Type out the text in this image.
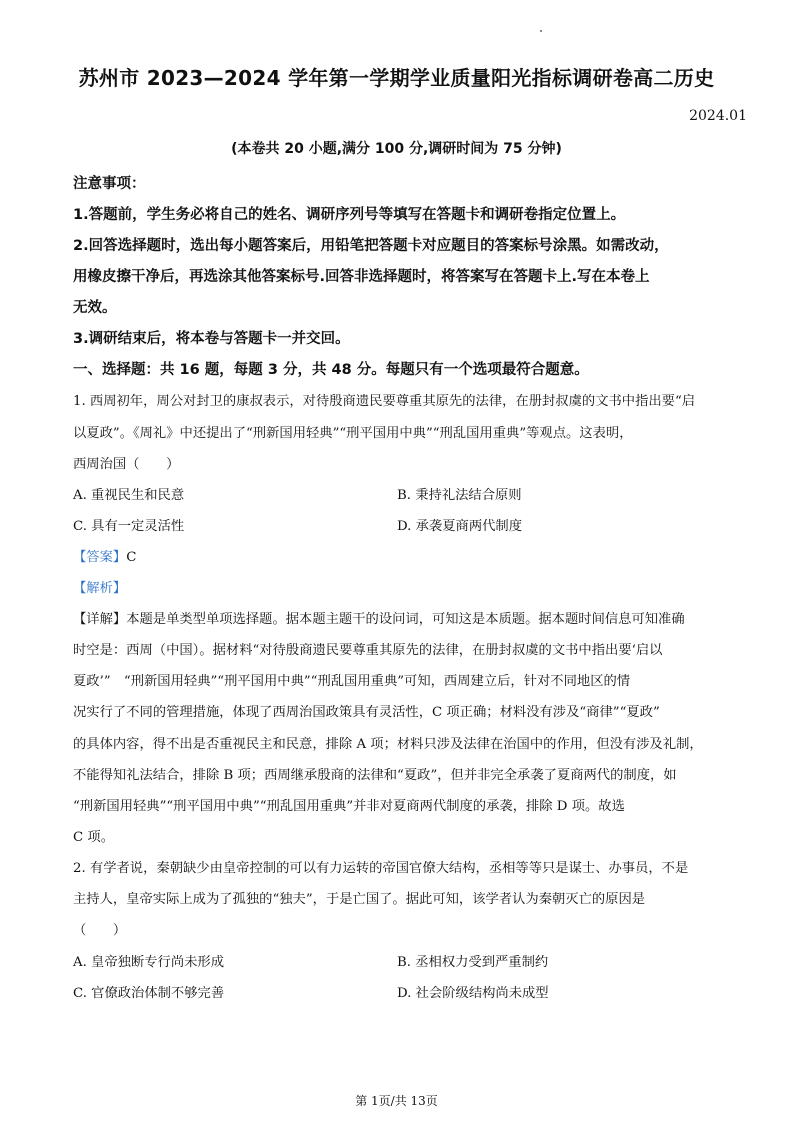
苏州市 2023—2024 学年第一学期学业质量阳光指标调研卷高二历史
2024.01
(本卷共 20 小题,满分 100 分,调研时间为 75 分钟)
注意事项：
1.答题前，学生务必将自己的姓名、调研序列号等填写在答题卡和调研卷指定位置上。
2.回答选择题时，选出每小题答案后，用铅笔把答题卡对应题目的答案标号涂黑。如需改动，
用橡皮擦干净后，再选涂其他答案标号.回答非选择题时，将答案写在答题卡上.写在本卷上
无效。
3.调研结束后，将本卷与答题卡一并交回。
一、选择题：共 16 题，每题 3 分，共 48 分。每题只有一个选项最符合题意。
1. 西周初年，周公对封卫的康叔表示，对待殷商遗民要尊重其原先的法律，在册封叔虞的文书中指出要“启
以夏政”。《周礼》中还提出了“刑新国用轻典”“刑平国用中典”“刑乱国用重典”等观点。这表明，
西周治国（　　）
A. 重视民生和民意	B. 秉持礼法结合原则
C. 具有一定灵活性	D. 承袭夏商两代制度
【答案】C
【解析】
【详解】本题是单类型单项选择题。据本题主题干的设问词，可知这是本质题。据本题时间信息可知准确
时空是：西周（中国）。据材料“对待殷商遗民要尊重其原先的法律，在册封叔虞的文书中指出要‘启以
夏政’”　“刑新国用轻典”“刑平国用中典”“刑乱国用重典”可知，西周建立后，针对不同地区的情
况实行了不同的管理措施，体现了西周治国政策具有灵活性，C 项正确；材料没有涉及“商律”“夏政”
的具体内容，得不出是否重视民主和民意，排除 A 项；材料只涉及法律在治国中的作用，但没有涉及礼制，
不能得知礼法结合，排除 B 项；西周继承殷商的法律和“夏政”，但并非完全承袭了夏商两代的制度，如
“刑新国用轻典”“刑平国用中典”“刑乱国用重典”并非对夏商两代制度的承袭，排除 D 项。故选
C 项。
2. 有学者说，秦朝缺少由皇帝控制的可以有力运转的帝国官僚大结构，丞相等等只是谋士、办事员，不是
主持人，皇帝实际上成为了孤独的“独夫”，于是亡国了。据此可知，该学者认为秦朝灭亡的原因是
（　　）
A. 皇帝独断专行尚未形成	B. 丞相权力受到严重制约
C. 官僚政治体制不够完善	D. 社会阶级结构尚未成型
第 1页/共 13页
